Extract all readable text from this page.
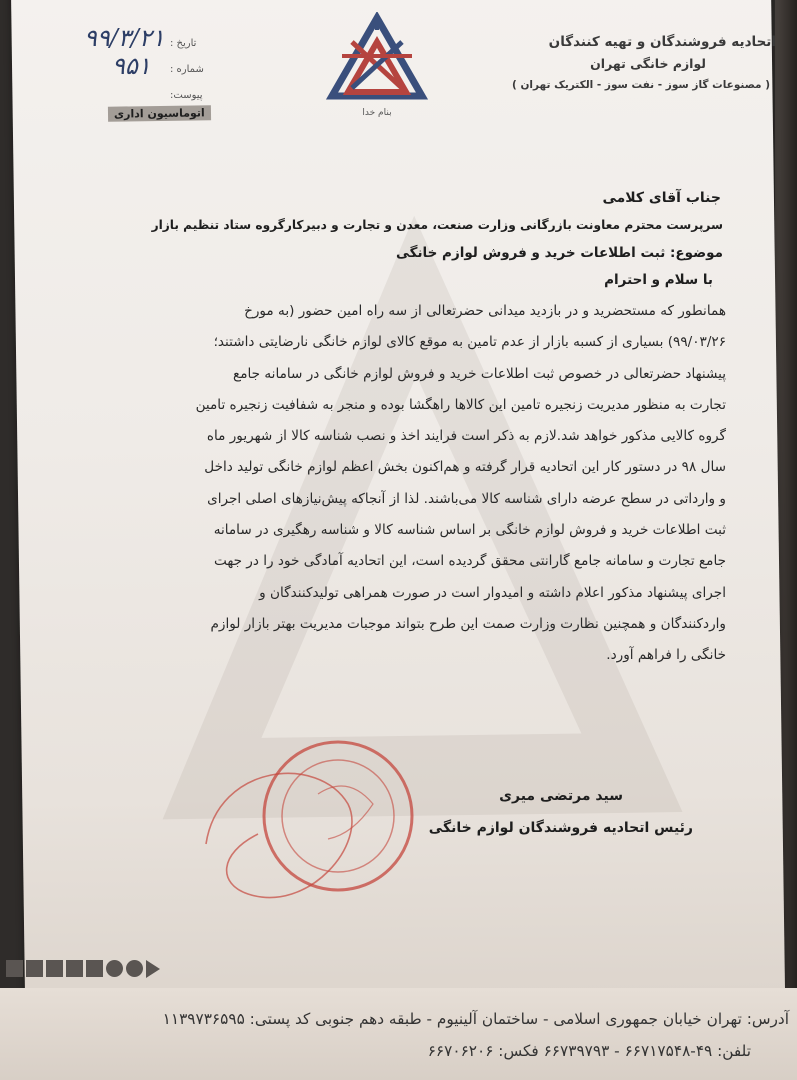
اتحادیه فروشندگان و تهیه کنندگان
لوازم خانگی تهران
( مصنوعات گاز سوز - نفت سوز - الکتریک تهران )
بنام خدا
تاریخ :
شماره :
پیوست:
۹۹/۳/۲۱
۹۵۱
اتوماسیون اداری
جناب آقای کلامی
سرپرست محترم معاونت بازرگانی وزارت صنعت، معدن و تجارت و دبیرکارگروه ستاد تنظیم بازار
موضوع: ثبت اطلاعات خرید و فروش لوازم خانگی
با سلام و احترام
همانطور که مستحضرید و در بازدید میدانی حضرتعالی از سه راه امین حضور (به مورخ
۹۹/۰۳/۲۶) بسیاری از کسبه بازار از عدم تامین به موقع کالای لوازم خانگی نارضایتی داشتند؛
پیشنهاد حضرتعالی در خصوص ثبت اطلاعات خرید و فروش لوازم خانگی در سامانه جامع
تجارت به منظور مدیریت زنجیره تامین این کالاها راهگشا بوده و منجر به شفافیت زنجیره تامین
گروه کالایی مذکور خواهد شد.لازم به ذکر است فرایند اخذ و نصب شناسه کالا از شهریور ماه
سال ۹۸ در دستور کار این اتحادیه قرار گرفته و هم‌اکنون بخش اعظم لوازم خانگی تولید داخل
و وارداتی در سطح عرضه دارای شناسه کالا می‌باشند. لذا از آنجاکه پیش‌نیازهای اصلی اجرای
ثبت اطلاعات خرید و فروش لوازم خانگی بر اساس شناسه کالا و شناسه رهگیری در سامانه
جامع تجارت و سامانه جامع گارانتی محقق گردیده است، این اتحادیه آمادگی خود را در جهت
اجرای پیشنهاد مذکور اعلام داشته و امیدوار است در صورت همراهی تولیدکنندگان و
واردکنندگان و همچنین نظارت وزارت صمت این طرح بتواند موجبات مدیریت بهتر بازار لوازم
خانگی را فراهم آورد.
سید مرتضی میری
رئیس اتحادیه فروشندگان لوازم خانگی
آدرس: تهران خیابان جمهوری اسلامی - ساختمان آلینیوم - طبقه دهم جنوبی کد پستی: ۱۱۳۹۷۳۶۵۹۵
تلفن: ۴۹-۶۶۷۱۷۵۴۸ - ۶۶۷۳۹۷۹۳ فکس: ۶۶۷۰۶۲۰۶
